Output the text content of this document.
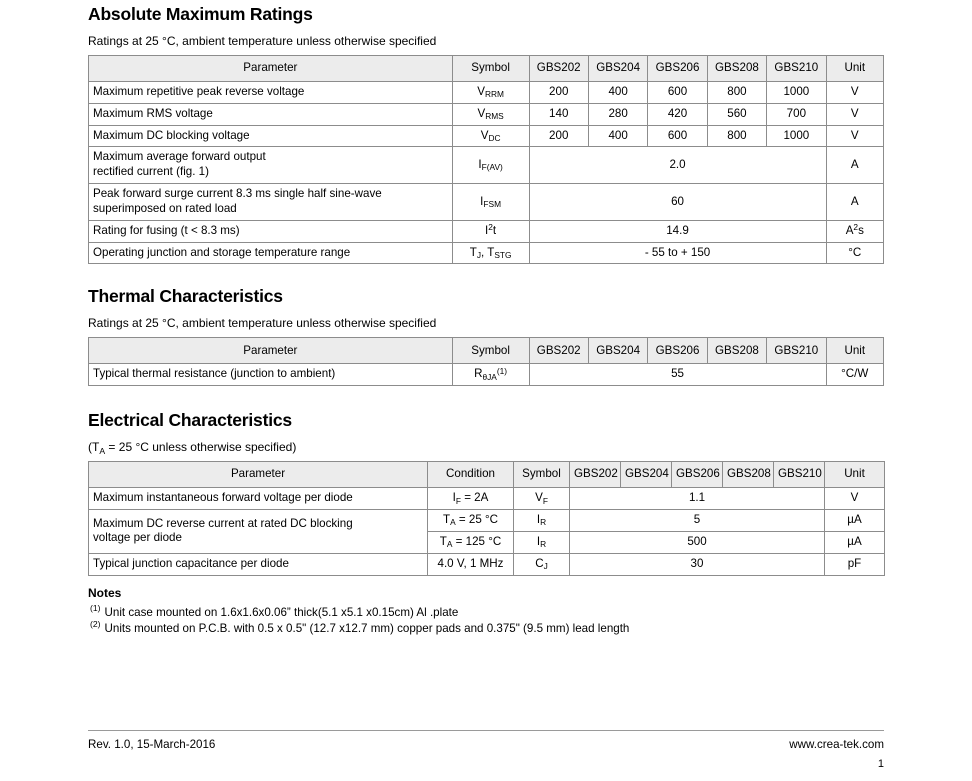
Absolute Maximum Ratings
Ratings at 25 °C, ambient temperature unless otherwise specified
Parameter	Symbol	GBS202	GBS204	GBS206	GBS208	GBS210	Unit
Maximum repetitive peak reverse voltage	$V_{RRM}$	200	400	600	800	1000	V
Maximum RMS voltage	$V_{RMS}$	140	280	420	560	700	V
Maximum DC blocking voltage	$V_{DC}$	200	400	600	800	1000	V

Maximum average forward output
rectified current (fig. 1)	$I_{F(AV)}$	2.0					A

Peak forward surge current 8.3 ms single half sine-wave
superimposed on rated load	$I_{FSM}$	60					A
Rating for fusing (t < 8.3 ms)	$I^2t$	14.9					$A^2s$
Operating junction and storage temperature range	$T_J$, $T_{STG}$	- 55 to + 150					°C
Thermal Characteristics
Ratings at 25 °C, ambient temperature unless otherwise specified
Parameter	Symbol	GBS202	GBS204	GBS206	GBS208	GBS210	Unit
Typical thermal resistance (junction to ambient)	$R_{\theta JA}^{(1)}$	55					°C/W
Electrical Characteristics
($T_A = 25$ °C unless otherwise specified)
Parameter	Condition	Symbol	GBS202	GBS204	GBS206	GBS208	GBS210	Unit
Maximum instantaneous forward voltage per diode	$I_F = 2A$	$V_F$	1.1					V

Maximum DC reverse current at rated DC blocking
voltage per diode	$T_A = 25$ °C	$I_R$	5					µA
	$T_A = 125$ °C	$I_R$	500					µA
Typical junction capacitance per diode	4.0 V, 1 MHz	$C_J$	30					pF
Notes
$^{(1)}$ Unit case mounted on 1.6x1.6x0.06” thick(5.1 x5.1 x0.15cm) Al .plate
$^{(2)}$ Units mounted on P.C.B. with 0.5 x 0.5" (12.7 x12.7 mm) copper pads and 0.375" (9.5 mm) lead length
Rev. 1.0, 15-March-2016	www.crea-tek.com
1
